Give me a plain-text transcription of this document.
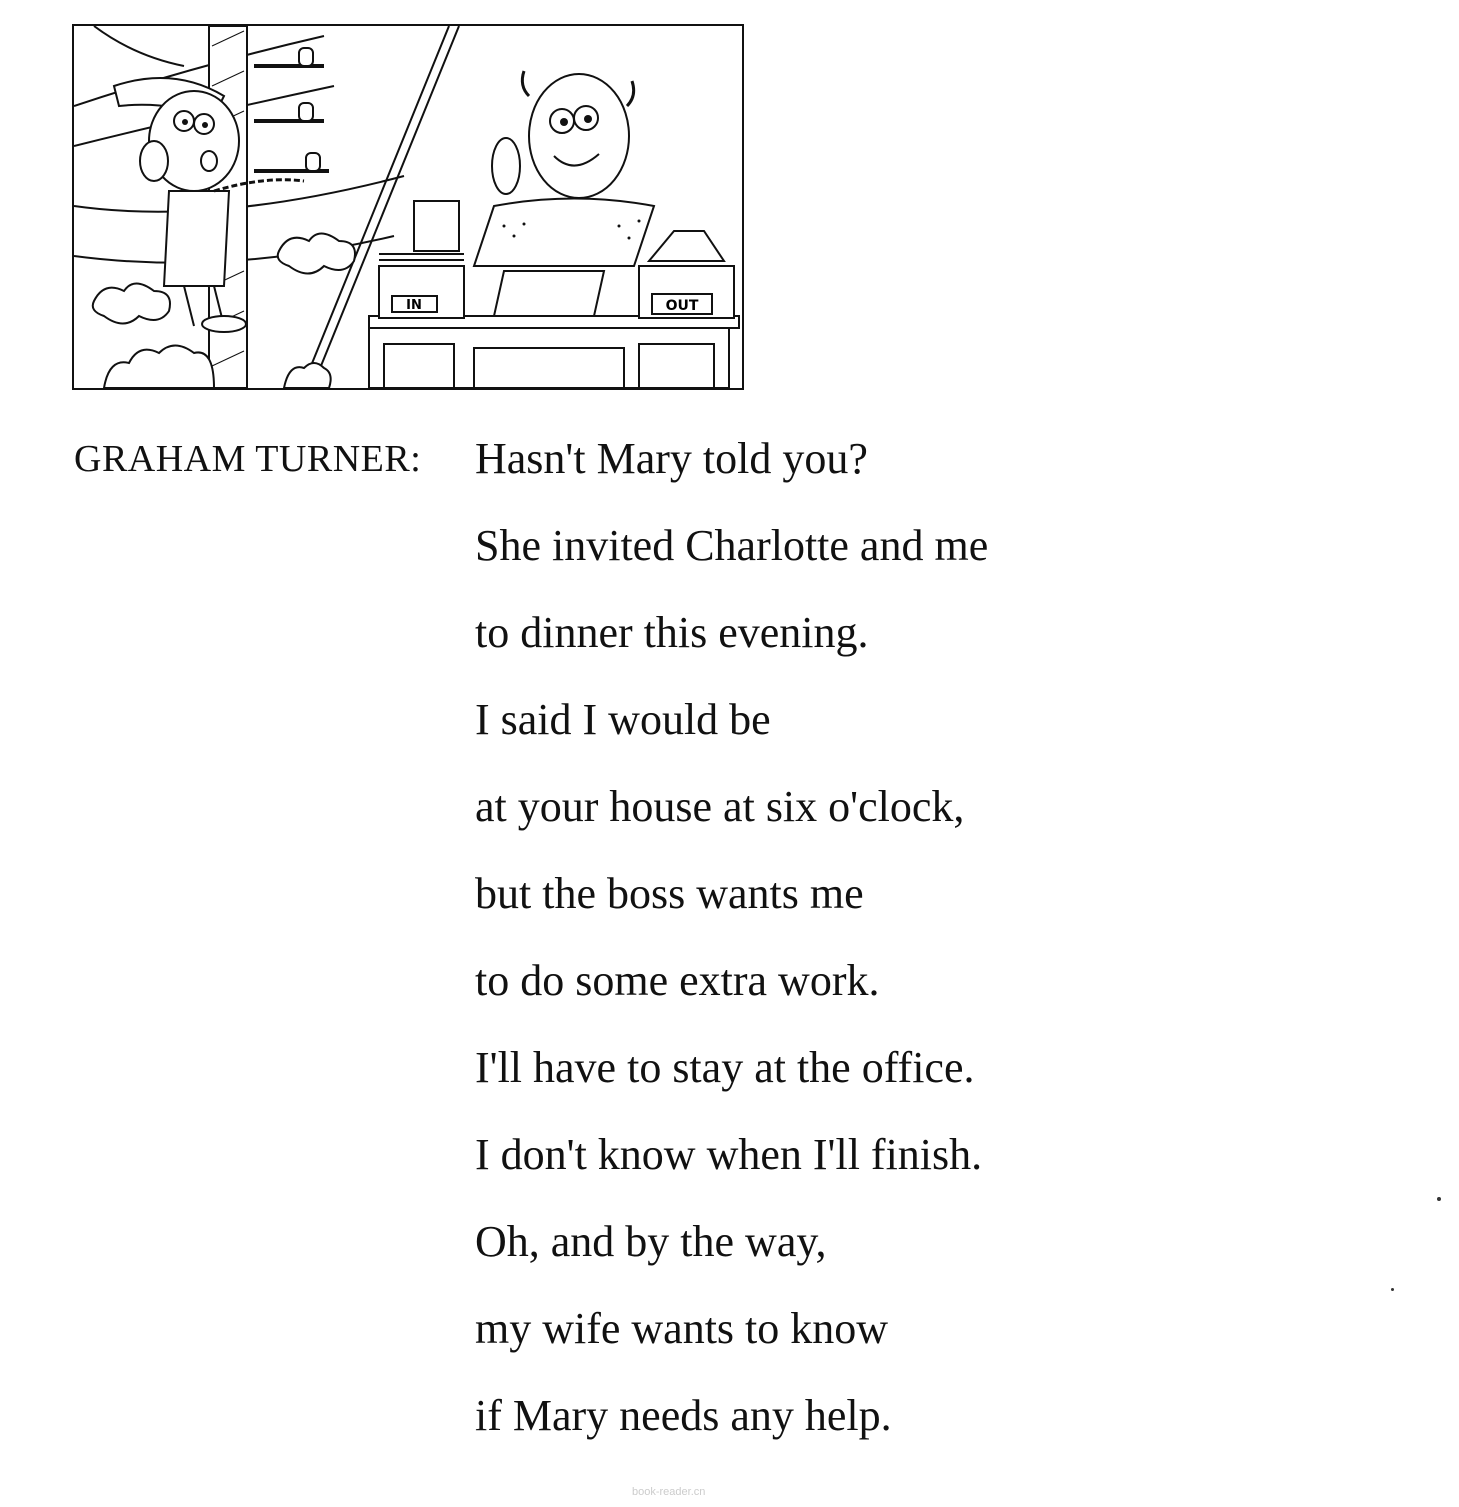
IN	OUT
GRAHAM TURNER: Hasn't Mary told you?
She invited Charlotte and me
to dinner this evening.
I said I would be
at your house at six o'clock,
but the boss wants me
to do some extra work.
I'll have to stay at the office.
I don't know when I'll finish.
Oh, and by the way,
my wife wants to know
if Mary needs any help.
book-reader.cn
